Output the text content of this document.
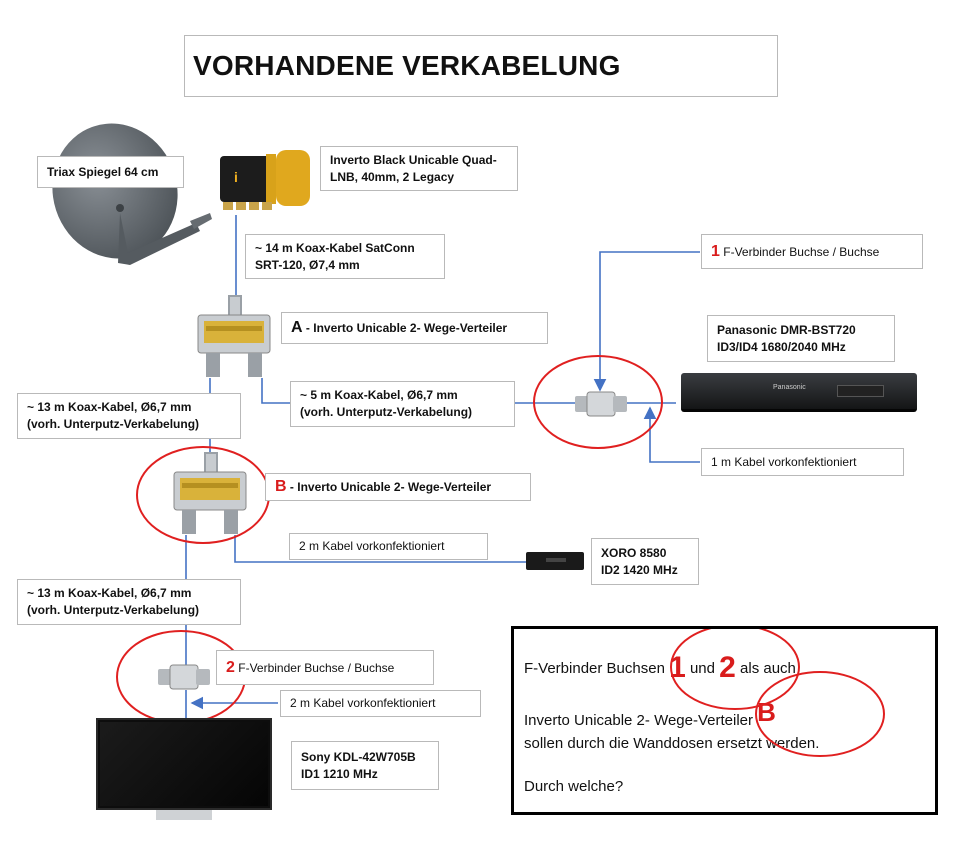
VORHANDENE VERKABELUNG
i
Panasonic
Triax Spiegel 64 cm
Inverto Black Unicable Quad-
LNB, 40mm, 2 Legacy
~ 14 m Koax-Kabel SatConn
SRT-120, Ø7,4 mm
A - Inverto Unicable 2- Wege-Verteiler
1 F-Verbinder Buchse / Buchse
Panasonic DMR-BST720
ID3/ID4 1680/2040 MHz
~ 5 m Koax-Kabel, Ø6,7 mm
(vorh. Unterputz-Verkabelung)
~ 13 m Koax-Kabel, Ø6,7 mm
(vorh. Unterputz-Verkabelung)
1 m Kabel vorkonfektioniert
B - Inverto Unicable 2- Wege-Verteiler
2 m Kabel vorkonfektioniert	XORO 8580
ID2 1420 MHz
~ 13 m Koax-Kabel, Ø6,7 mm
(vorh. Unterputz-Verkabelung)
2 F-Verbinder Buchse / Buchse
2 m Kabel vorkonfektioniert
Sony KDL-42W705B
ID1 1210 MHz
F-Verbinder Buchsen 1 und 2 als auch
Inverto Unicable 2- Wege-Verteiler B
sollen durch die Wanddosen ersetzt werden.
Durch welche?
